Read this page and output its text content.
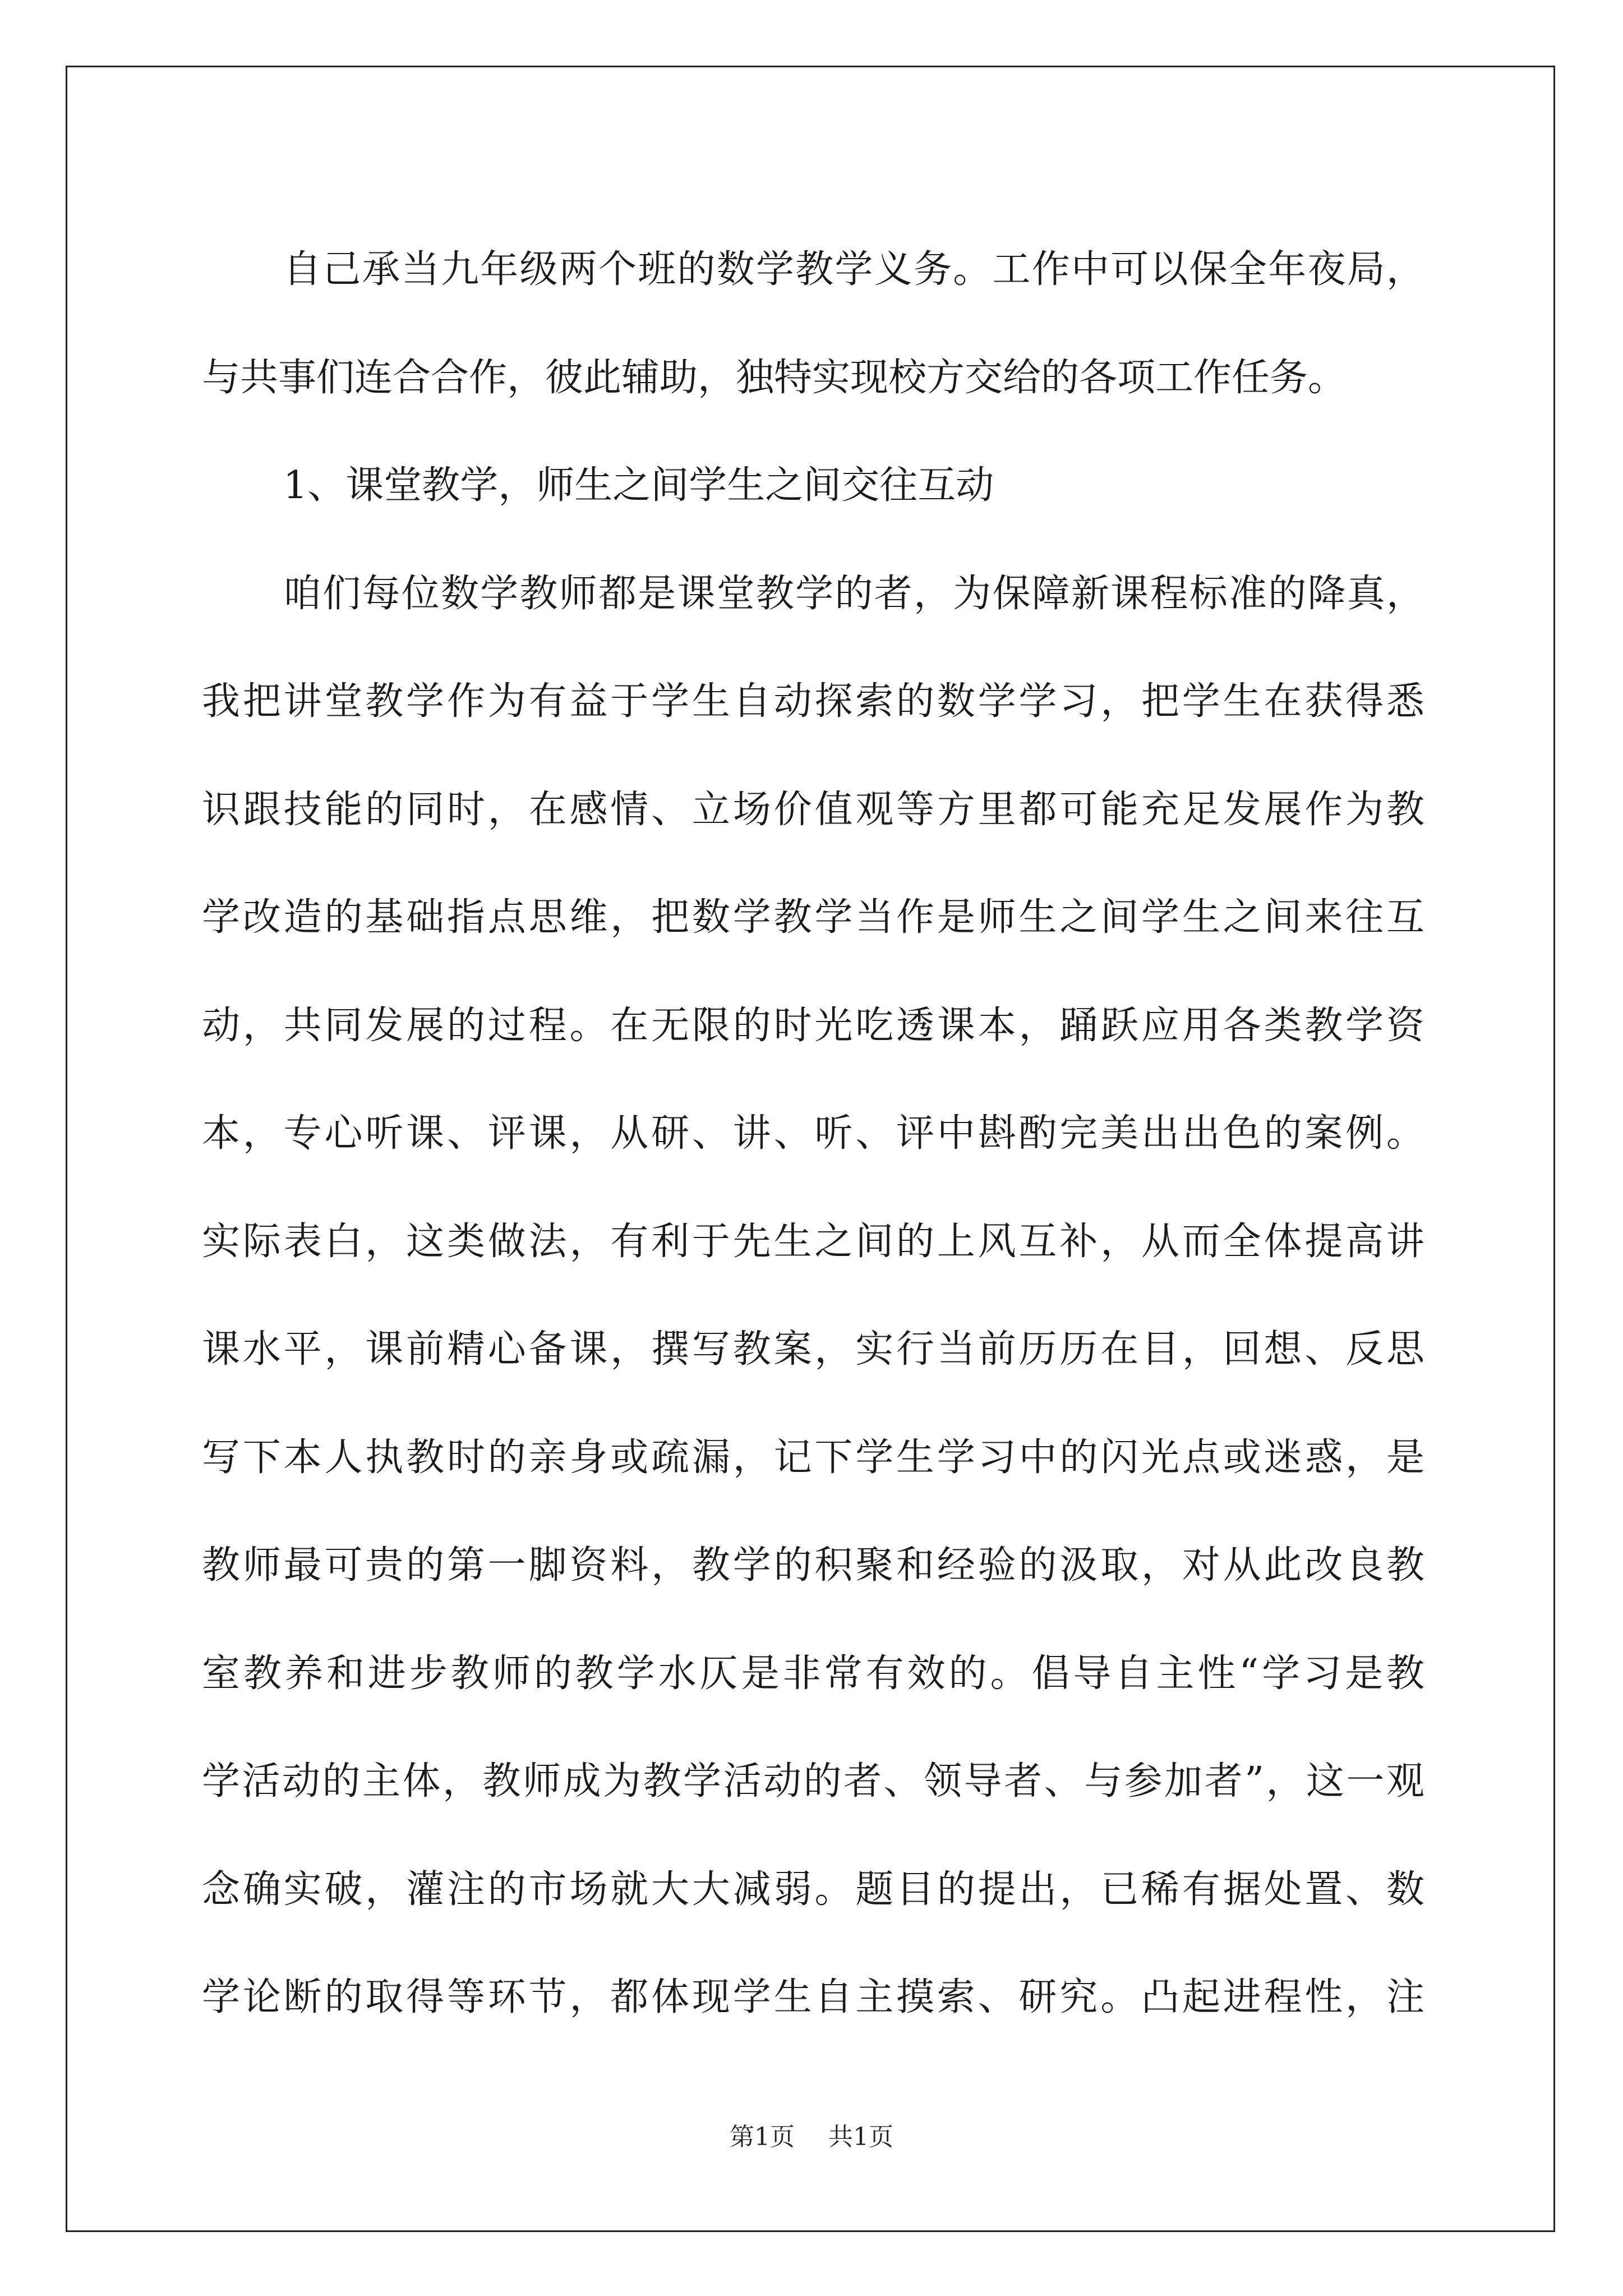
自己承当九年级两个班的数学教学义务。工作中可以保全年夜局，
与共事们连合合作，彼此辅助，独特实现校方交给的各项工作任务。
1、课堂教学，师生之间学生之间交往互动
咱们每位数学教师都是课堂教学的者，为保障新课程标准的降真，
我把讲堂教学作为有益于学生自动探索的数学学习，把学生在获得悉
识跟技能的同时，在感情、立场价值观等方里都可能充足发展作为教
学改造的基础指点思维，把数学教学当作是师生之间学生之间来往互
动，共同发展的过程。在无限的时光吃透课本，踊跃应用各类教学资
本，专心听课、评课，从研、讲、听、评中斟酌完美出出色的案例。
实际表白，这类做法，有利于先生之间的上风互补，从而全体提高讲
课水平，课前精心备课，撰写教案，实行当前历历在目，回想、反思
写下本人执教时的亲身或疏漏，记下学生学习中的闪光点或迷惑，是
教师最可贵的第一脚资料，教学的积聚和经验的汲取，对从此改良教
室教养和进步教师的教学水仄是非常有效的。倡导自主性“学习是教
学活动的主体，教师成为教学活动的者、领导者、与参加者”，这一观
念确实破，灌注的市场就大大减弱。题目的提出，已稀有据处置、数
学论断的取得等环节，都体现学生自主摸索、研究。凸起进程性，注
第1页 共1页
